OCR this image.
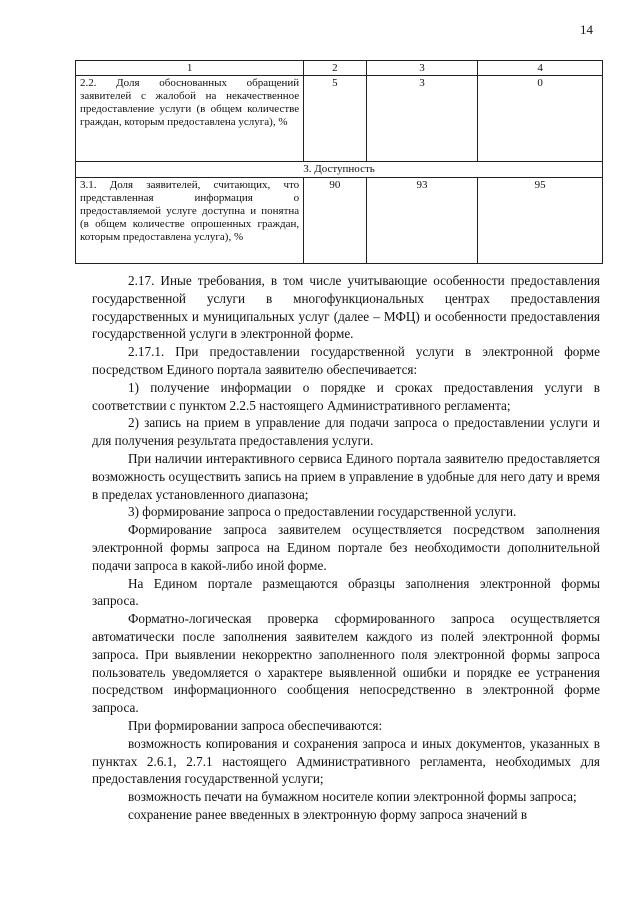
14
1	2	3	4
2.2. Доля обоснованных обращений заявителей с жалобой на некачественное предоставление услуги (в общем количестве граждан, которым предоставлена услуга), %	5	3	0
3. Доступность			
3.1. Доля заявителей, считающих, что представленная информация о предоставляемой услуге доступна и понятна (в общем количестве опрошенных граждан, которым предоставлена услуга), %	90	93	95

2.17. Иные требования, в том числе учитывающие особенности предоставления государственной услуги в многофункциональных центрах предоставления государственных и муниципальных услуг (далее – МФЦ) и особенности предоставления государственной услуги в электронной форме.

2.17.1. При предоставлении государственной услуги в электронной форме посредством Единого портала заявителю обеспечивается:

1) получение информации о порядке и сроках предоставления услуги в соответствии с пунктом 2.2.5 настоящего Административного регламента;

2) запись на прием в управление для подачи запроса о предоставлении услуги и для получения результата предоставления услуги.

При наличии интерактивного сервиса Единого портала заявителю предоставляется возможность осуществить запись на прием в управление в удобные для него дату и время в пределах установленного диапазона;

3) формирование запроса о предоставлении государственной услуги.

Формирование запроса заявителем осуществляется посредством заполнения электронной формы запроса на Едином портале без необходимости дополнительной подачи запроса в какой-либо иной форме.

На Едином портале размещаются образцы заполнения электронной формы запроса.

Форматно-логическая проверка сформированного запроса осуществляется автоматически после заполнения заявителем каждого из полей электронной формы запроса. При выявлении некорректно заполненного поля электронной формы запроса пользователь уведомляется о характере выявленной ошибки и порядке ее устранения посредством информационного сообщения непосредственно в электронной форме запроса.

При формировании запроса обеспечиваются:

возможность копирования и сохранения запроса и иных документов, указанных в пунктах 2.6.1, 2.7.1 настоящего Административного регламента, необходимых для предоставления государственной услуги;

возможность печати на бумажном носителе копии электронной формы запроса;

сохранение ранее введенных в электронную форму запроса значений в
